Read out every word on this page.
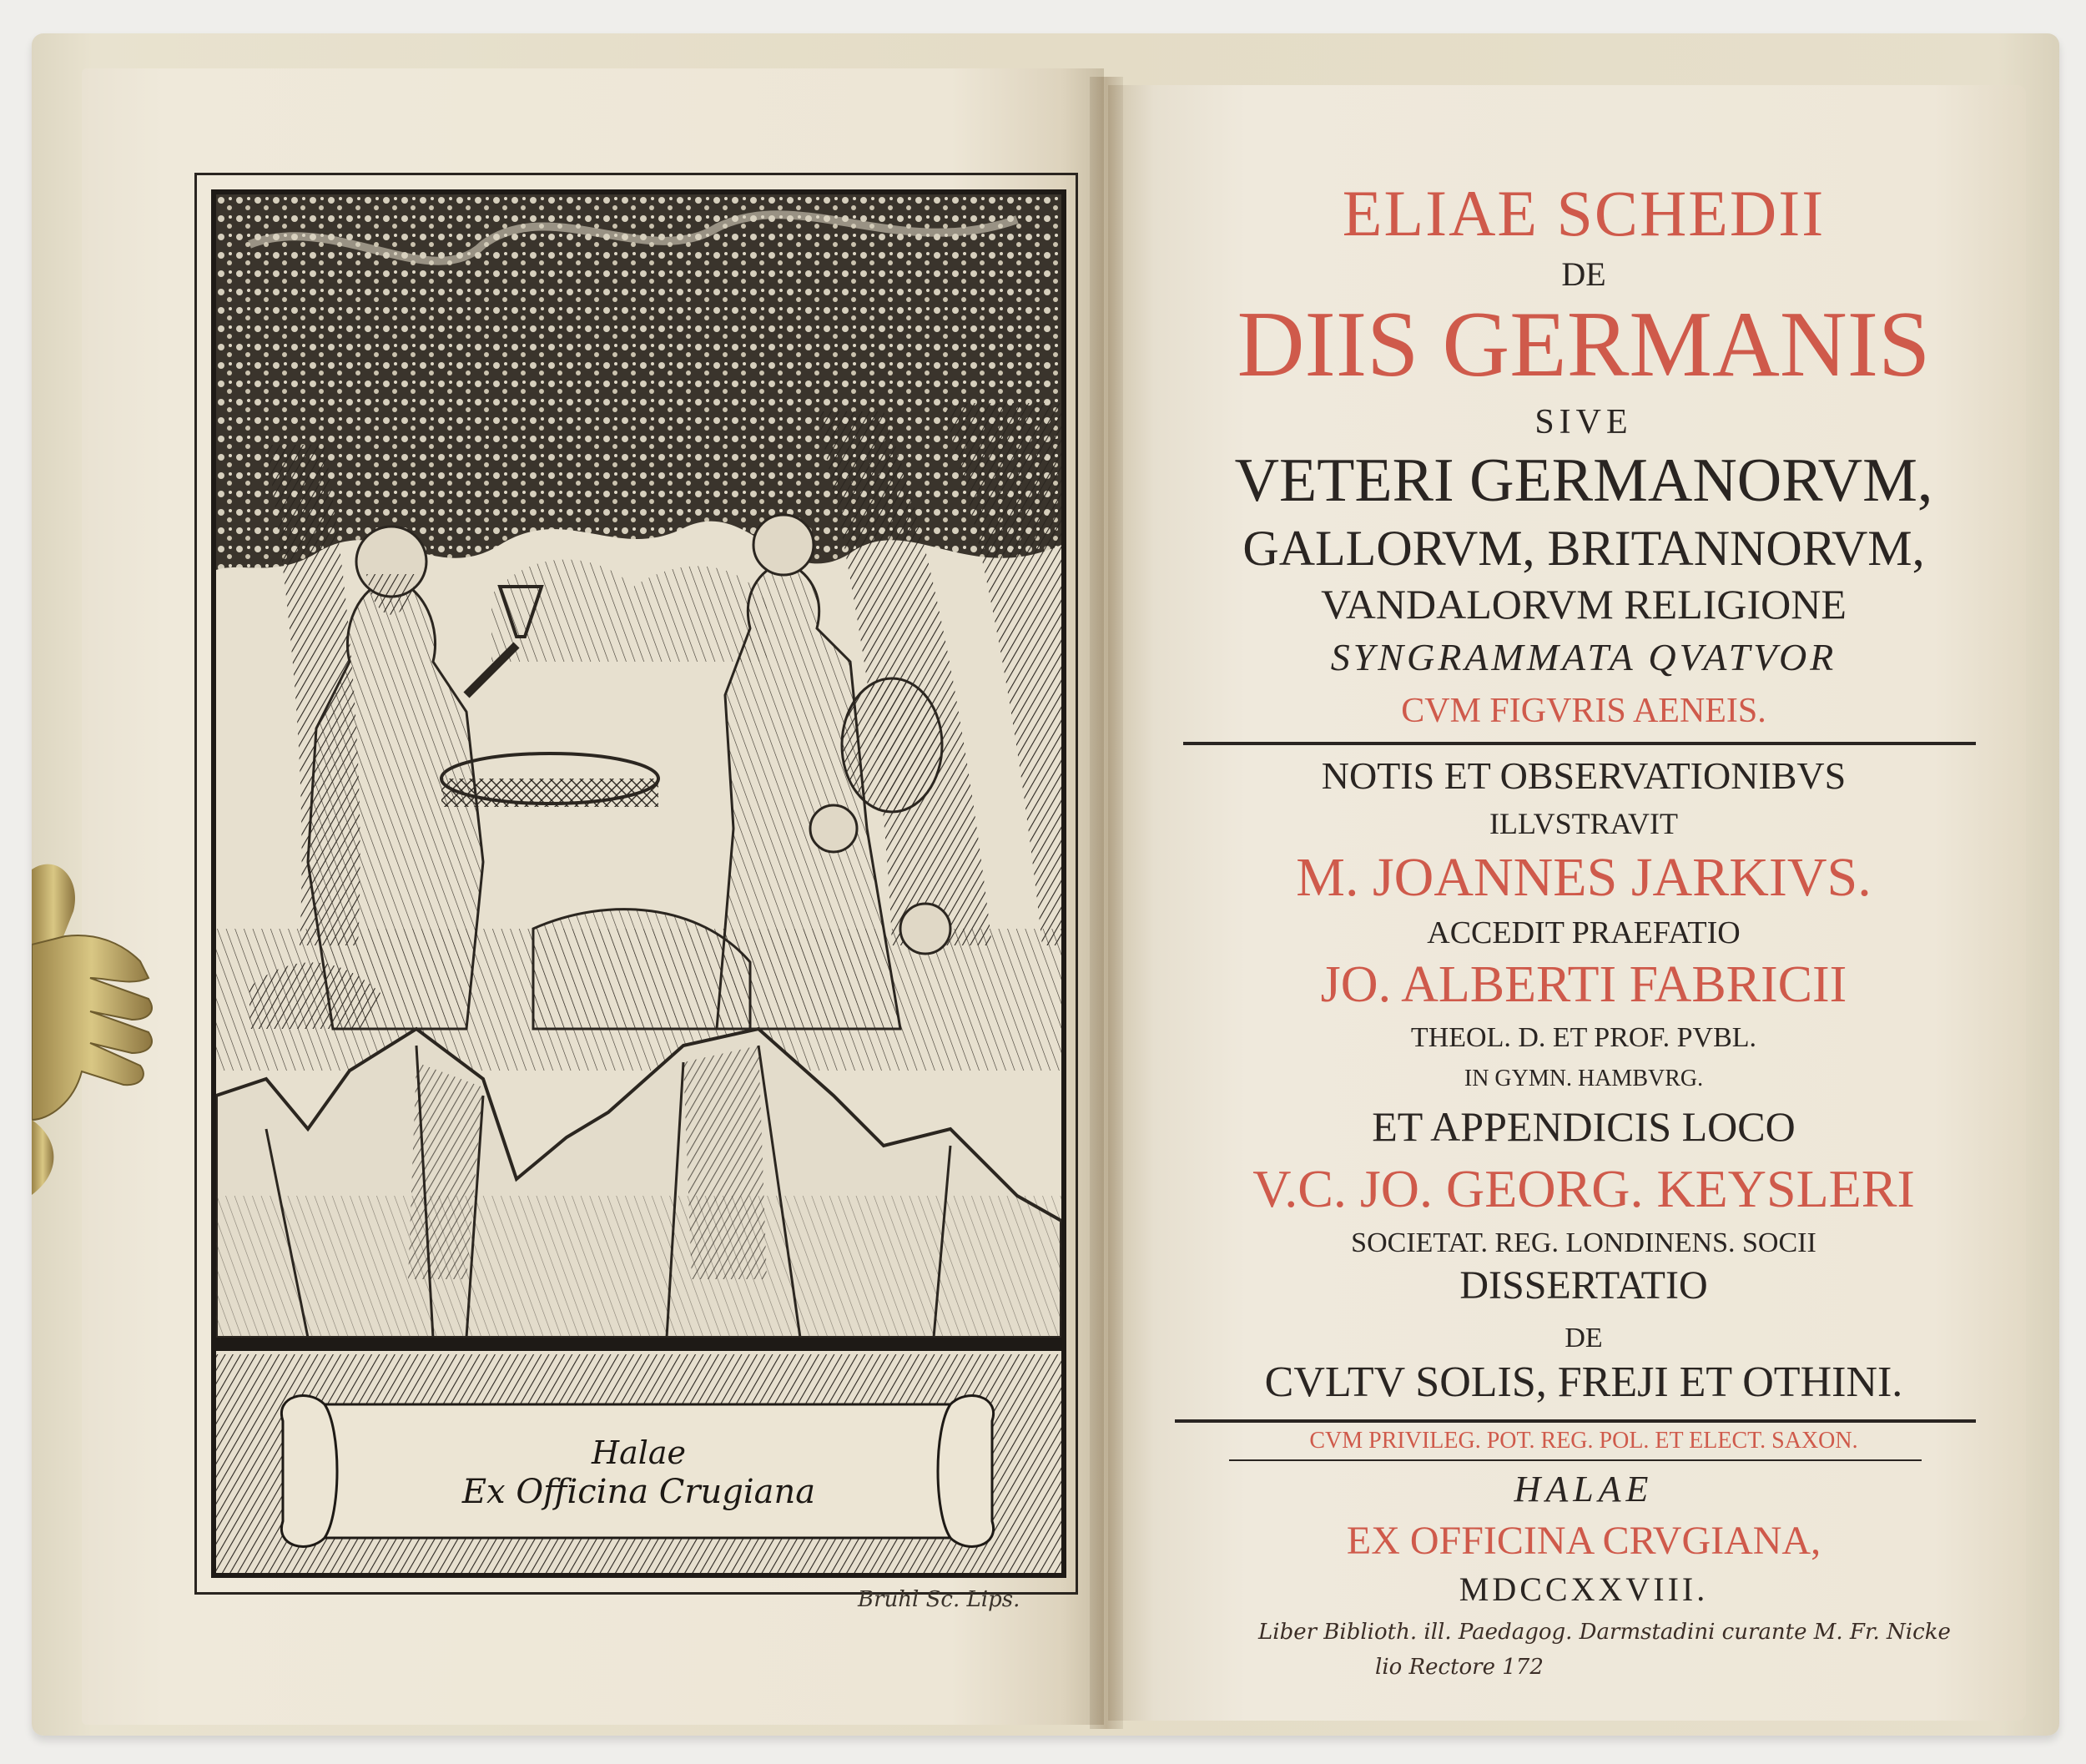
Halae
Ex Officina Crugiana
Bruhl Sc. Lips.
ELIAE SCHEDII
DE
DIIS GERMANIS
SIVE
VETERI GERMANORVM,
GALLORVM, BRITANNORVM,
VANDALORVM RELIGIONE
SYNGRAMMATA QVATVOR
CVM FIGVRIS AENEIS.
NOTIS ET OBSERVATIONIBVS
ILLVSTRAVIT
M. JOANNES JARKIVS.
ACCEDIT PRAEFATIO
JO. ALBERTI FABRICII
THEOL. D. ET PROF. PVBL.
IN GYMN. HAMBVRG.
ET APPENDICIS LOCO
V.C. JO. GEORG. KEYSLERI
SOCIETAT. REG. LONDINENS. SOCII
DISSERTATIO
DE
CVLTV SOLIS, FREJI ET OTHINI.
CVM PRIVILEG. POT. REG. POL. ET ELECT. SAXON.
HALAE
EX OFFICINA CRVGIANA,
MDCCXXVIII.
Liber Biblioth. ill. Paedagog. Darmstadini curante M. Fr. Nicke
lio Rectore 172
